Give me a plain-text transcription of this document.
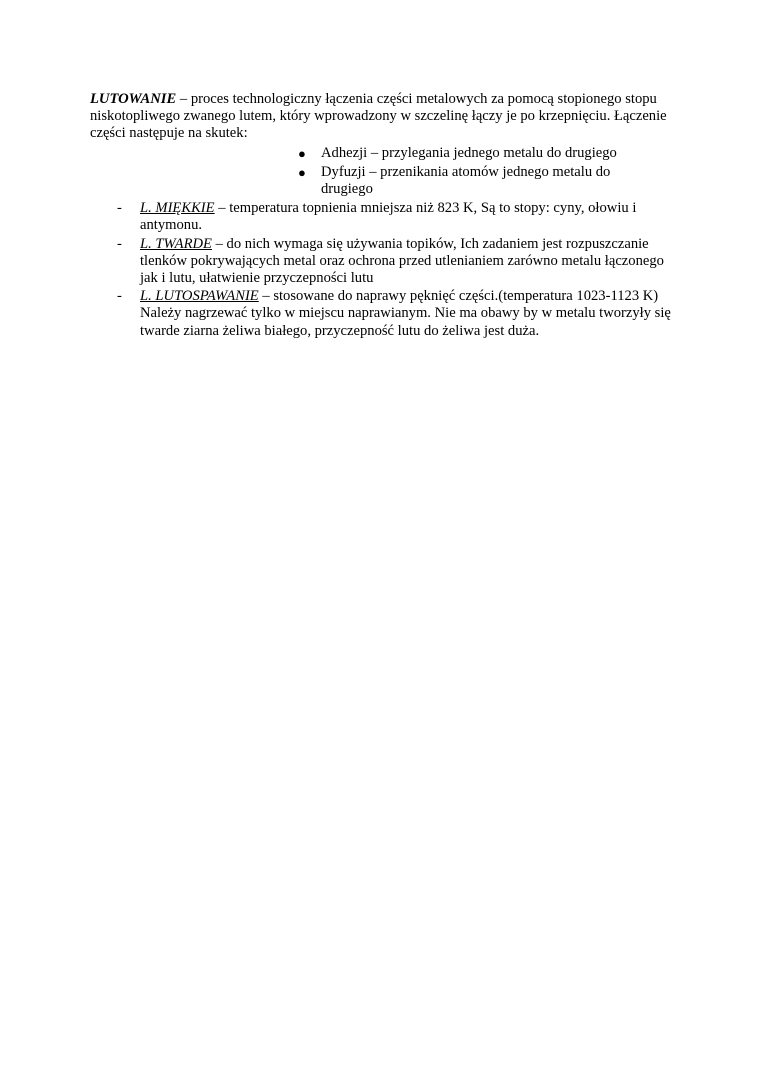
LUTOWANIE – proces technologiczny łączenia części metalowych za pomocą stopionego stopu niskotopliwego zwanego lutem, który wprowadzony w szczelinę łączy je po krzepnięciu. Łączenie części następuje na skutek:

● Adhezji – przylegania jednego metalu do drugiego
● Dyfuzji – przenikania atomów jednego metalu do drugiego
- L. MIĘKKIE – temperatura topnienia mniejsza niż 823 K, Są to stopy: cyny, ołowiu i antymonu.
- L. TWARDE – do nich wymaga się używania topików, Ich zadaniem jest rozpuszczanie tlenków pokrywających metal oraz ochrona przed utlenianiem zarówno metalu łączonego jak i lutu, ułatwienie przyczepności lutu
- L. LUTOSPAWANIE – stosowane do naprawy pęknięć części.(temperatura 1023-1123 K) Należy nagrzewać tylko w miejscu naprawianym. Nie ma obawy by w metalu tworzyły się twarde ziarna żeliwa białego, przyczepność lutu do żeliwa jest duża.
